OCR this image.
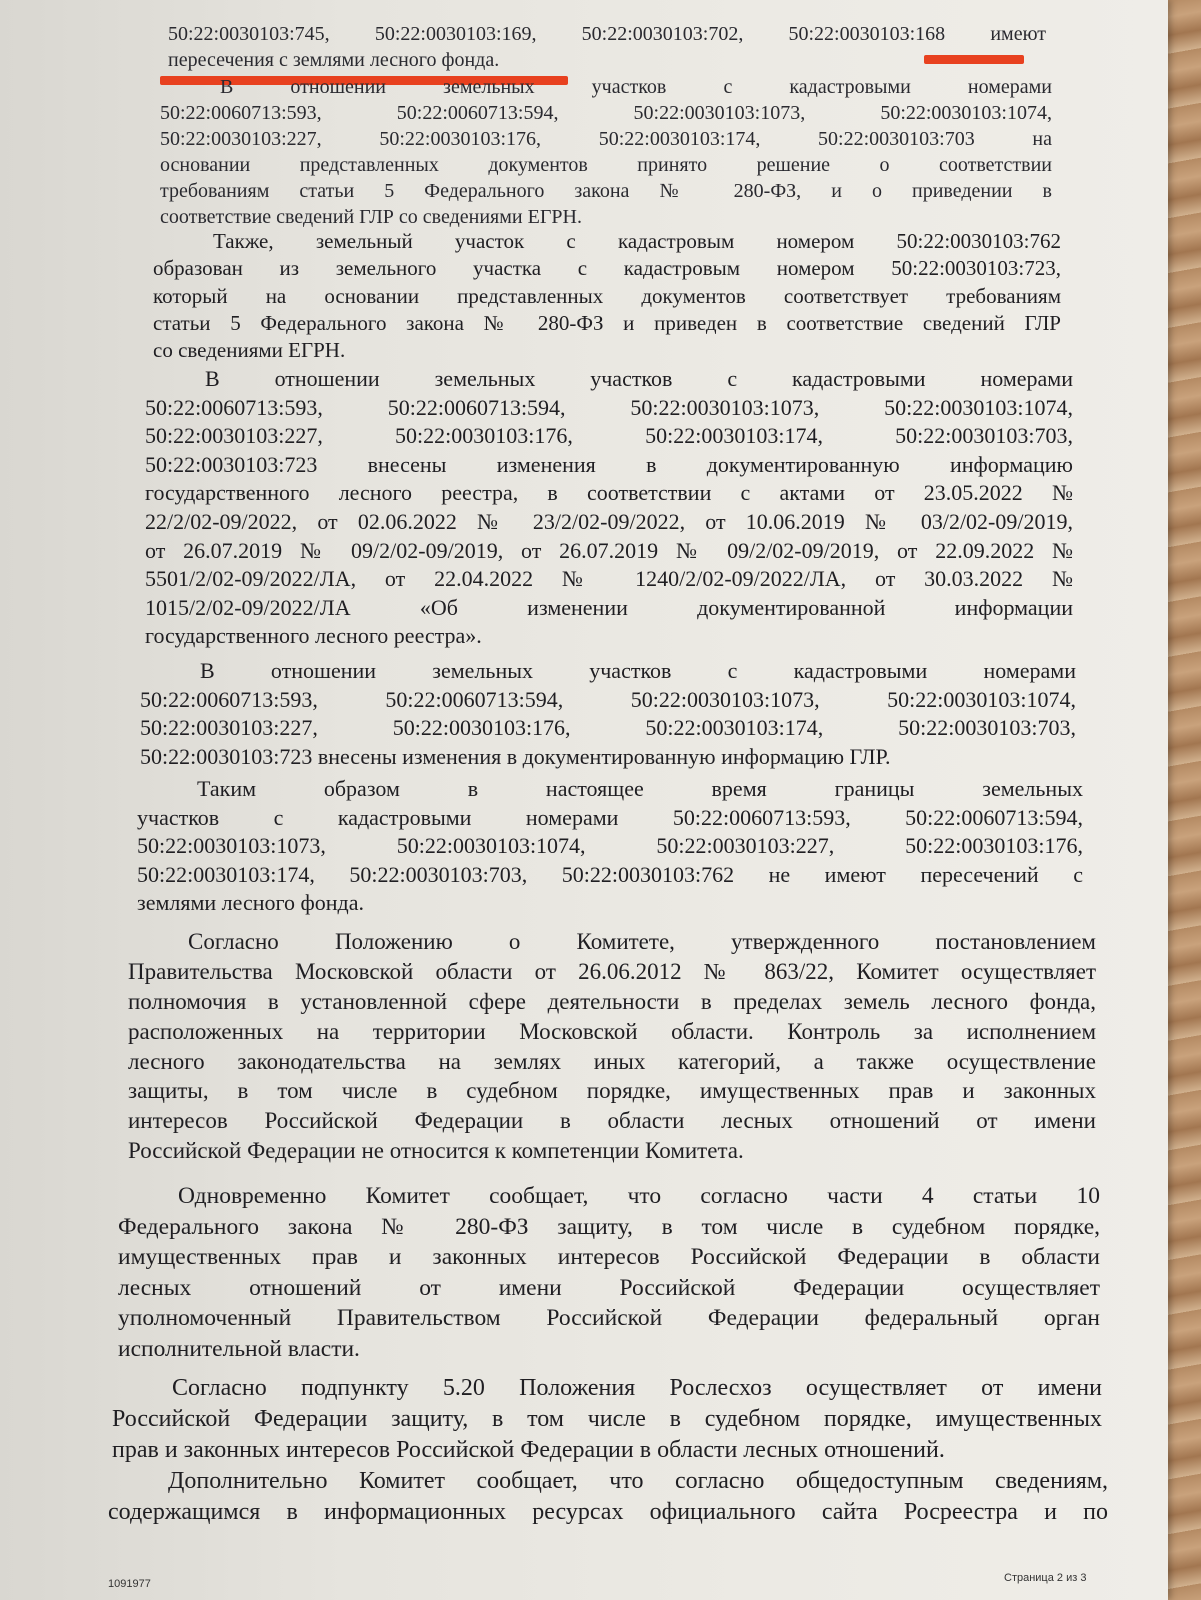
50:22:0030103:745, 50:22:0030103:169, 50:22:0030103:702, 50:22:0030103:168 имеют
пересечения с землями лесного фонда.
В отношении земельных участков с кадастровыми номерами
50:22:0060713:593, 50:22:0060713:594, 50:22:0030103:1073, 50:22:0030103:1074,
50:22:0030103:227, 50:22:0030103:176, 50:22:0030103:174, 50:22:0030103:703 на
основании представленных документов принято решение о соответствии
требованиям статьи 5 Федерального закона № 280-ФЗ, и о приведении в
соответствие сведений ГЛР со сведениями ЕГРН.
Также, земельный участок с кадастровым номером 50:22:0030103:762
образован из земельного участка с кадастровым номером 50:22:0030103:723,
который на основании представленных документов соответствует требованиям
статьи 5 Федерального закона № 280-ФЗ и приведен в соответствие сведений ГЛР
со сведениями ЕГРН.
В отношении земельных участков с кадастровыми номерами
50:22:0060713:593, 50:22:0060713:594, 50:22:0030103:1073, 50:22:0030103:1074,
50:22:0030103:227, 50:22:0030103:176, 50:22:0030103:174, 50:22:0030103:703,
50:22:0030103:723 внесены изменения в документированную информацию
государственного лесного реестра, в соответствии с актами от 23.05.2022 №
22/2/02-09/2022, от 02.06.2022 № 23/2/02-09/2022, от 10.06.2019 № 03/2/02-09/2019,
от 26.07.2019 № 09/2/02-09/2019, от 26.07.2019 № 09/2/02-09/2019, от 22.09.2022 №
5501/2/02-09/2022/ЛА, от 22.04.2022 № 1240/2/02-09/2022/ЛА, от 30.03.2022 №
1015/2/02-09/2022/ЛА «Об изменении документированной информации
государственного лесного реестра».
В отношении земельных участков с кадастровыми номерами
50:22:0060713:593, 50:22:0060713:594, 50:22:0030103:1073, 50:22:0030103:1074,
50:22:0030103:227, 50:22:0030103:176, 50:22:0030103:174, 50:22:0030103:703,
50:22:0030103:723 внесены изменения в документированную информацию ГЛР.
Таким образом в настоящее время границы земельных
участков с кадастровыми номерами 50:22:0060713:593, 50:22:0060713:594,
50:22:0030103:1073, 50:22:0030103:1074, 50:22:0030103:227, 50:22:0030103:176,
50:22:0030103:174, 50:22:0030103:703, 50:22:0030103:762 не имеют пересечений с
землями лесного фонда.
Согласно Положению о Комитете, утвержденного постановлением
Правительства Московской области от 26.06.2012 № 863/22, Комитет осуществляет
полномочия в установленной сфере деятельности в пределах земель лесного фонда,
расположенных на территории Московской области. Контроль за исполнением
лесного законодательства на землях иных категорий, а также осуществление
защиты, в том числе в судебном порядке, имущественных прав и законных
интересов Российской Федерации в области лесных отношений от имени
Российской Федерации не относится к компетенции Комитета.
Одновременно Комитет сообщает, что согласно части 4 статьи 10
Федерального закона № 280-ФЗ защиту, в том числе в судебном порядке,
имущественных прав и законных интересов Российской Федерации в области
лесных отношений от имени Российской Федерации осуществляет
уполномоченный Правительством Российской Федерации федеральный орган
исполнительной власти.
Согласно подпункту 5.20 Положения Рослесхоз осуществляет от имени
Российской Федерации защиту, в том числе в судебном порядке, имущественных
прав и законных интересов Российской Федерации в области лесных отношений.
Дополнительно Комитет сообщает, что согласно общедоступным сведениям,
содержащимся в информационных ресурсах официального сайта Росреестра и по
1091977	Страница 2 из 3
